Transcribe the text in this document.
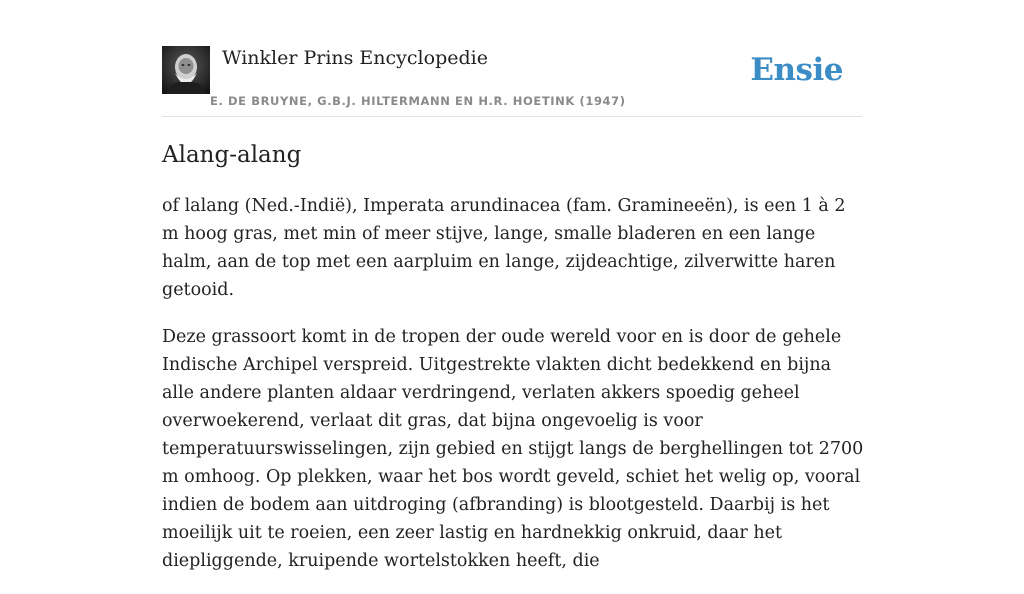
Winkler Prins Encyclopedie
E. DE BRUYNE, G.B.J. HILTERMANN EN H.R. HOETINK (1947)
Ensie
Alang-alang

of lalang (Ned.-Indië), Imperata arundinacea (fam. Gramineeën), is een 1 à 2 m hoog gras, met min of meer stijve, lange, smalle bladeren en een lange halm, aan de top met een aarpluim en lange, zijdeachtige, zilverwitte haren getooid.

Deze grassoort komt in de tropen der oude wereld voor en is door de gehele Indische Archipel verspreid. Uitgestrekte vlakten dicht bedekkend en bijna alle andere planten aldaar verdringend, verlaten akkers spoedig geheel overwoekerend, verlaat dit gras, dat bijna ongevoelig is voor temperatuurswisselingen, zijn gebied en stijgt langs de berghellingen tot 2700 m omhoog. Op plekken, waar het bos wordt geveld, schiet het welig op, vooral indien de bodem aan uitdroging (afbranding) is blootgesteld. Daarbij is het moeilijk uit te roeien, een zeer lastig en hardnekkig onkruid, daar het diepliggende, kruipende wortelstokken heeft, die
